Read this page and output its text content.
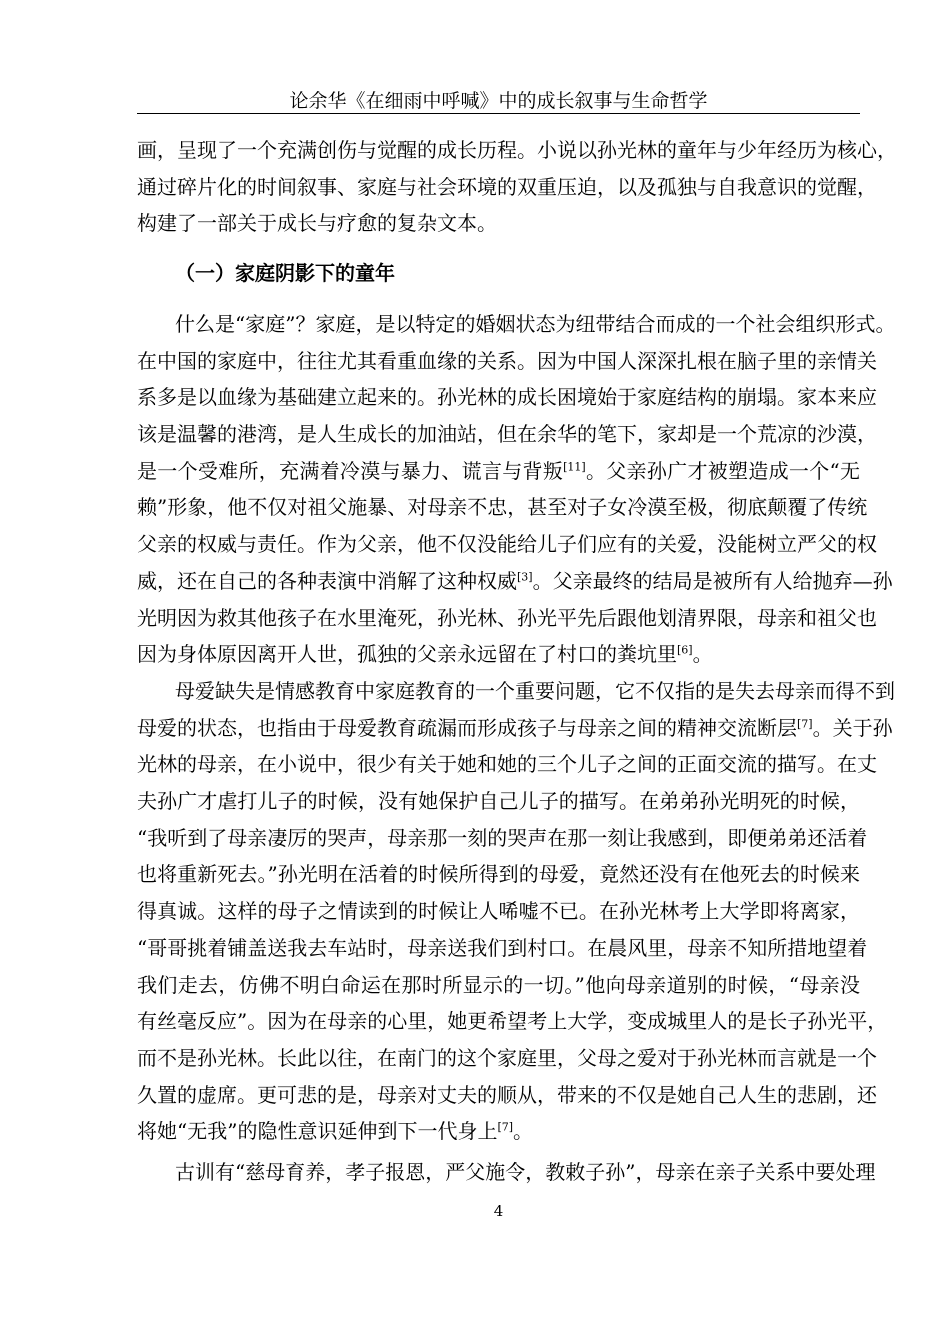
论余华《在细雨中呼喊》中的成长叙事与生命哲学
画，呈现了一个充满创伤与觉醒的成长历程。小说以孙光林的童年与少年经历为核心，
通过碎片化的时间叙事、家庭与社会环境的双重压迫，以及孤独与自我意识的觉醒，
构建了一部关于成长与疗愈的复杂文本。
（一）家庭阴影下的童年
什么是“家庭”？家庭，是以特定的婚姻状态为纽带结合而成的一个社会组织形式。
在中国的家庭中，往往尤其看重血缘的关系。因为中国人深深扎根在脑子里的亲情关
系多是以血缘为基础建立起来的。孙光林的成长困境始于家庭结构的崩塌。家本来应
该是温馨的港湾，是人生成长的加油站，但在余华的笔下，家却是一个荒凉的沙漠，
是一个受难所，充满着冷漠与暴力、谎言与背叛[11]。父亲孙广才被塑造成一个“无
赖”形象，他不仅对祖父施暴、对母亲不忠，甚至对子女冷漠至极，彻底颠覆了传统
父亲的权威与责任。作为父亲，他不仅没能给儿子们应有的关爱，没能树立严父的权
威，还在自己的各种表演中消解了这种权威[3]。父亲最终的结局是被所有人给抛弃—孙
光明因为救其他孩子在水里淹死，孙光林、孙光平先后跟他划清界限，母亲和祖父也
因为身体原因离开人世，孤独的父亲永远留在了村口的粪坑里[6]。
母爱缺失是情感教育中家庭教育的一个重要问题，它不仅指的是失去母亲而得不到
母爱的状态，也指由于母爱教育疏漏而形成孩子与母亲之间的精神交流断层[7]。关于孙
光林的母亲，在小说中，很少有关于她和她的三个儿子之间的正面交流的描写。在丈
夫孙广才虐打儿子的时候，没有她保护自己儿子的描写。在弟弟孙光明死的时候，
“我听到了母亲凄厉的哭声，母亲那一刻的哭声在那一刻让我感到，即便弟弟还活着
也将重新死去。”孙光明在活着的时候所得到的母爱，竟然还没有在他死去的时候来
得真诚。这样的母子之情读到的时候让人唏嘘不已。在孙光林考上大学即将离家，
“哥哥挑着铺盖送我去车站时，母亲送我们到村口。在晨风里，母亲不知所措地望着
我们走去，仿佛不明白命运在那时所显示的一切。”他向母亲道别的时候，“母亲没
有丝毫反应”。因为在母亲的心里，她更希望考上大学，变成城里人的是长子孙光平，
而不是孙光林。长此以往，在南门的这个家庭里，父母之爱对于孙光林而言就是一个
久置的虚席。更可悲的是，母亲对丈夫的顺从，带来的不仅是她自己人生的悲剧，还
将她“无我”的隐性意识延伸到下一代身上[7]。
古训有“慈母育养，孝子报恩，严父施令，教敕子孙”，母亲在亲子关系中要处理
4
